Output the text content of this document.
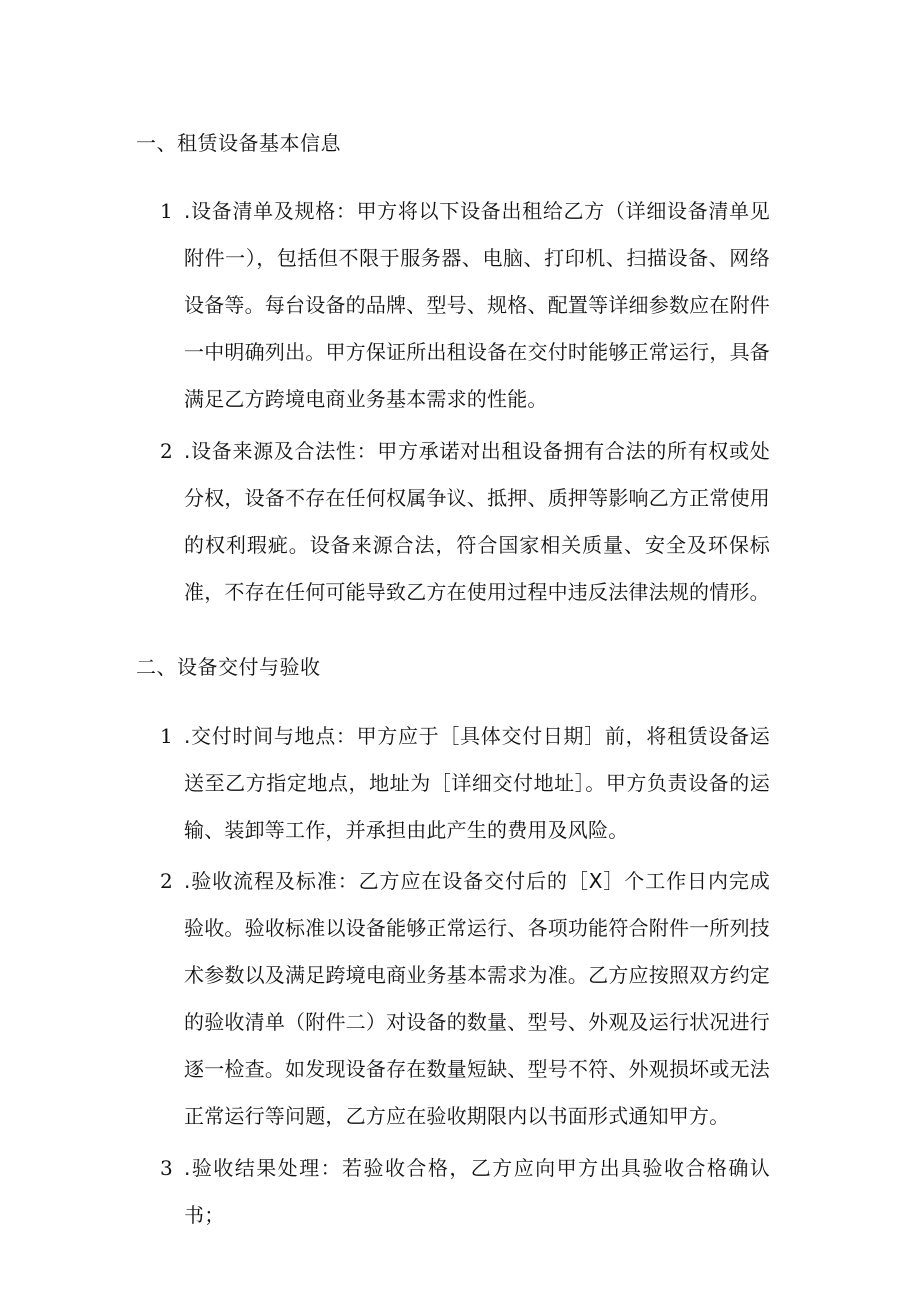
一、租赁设备基本信息
1 .设备清单及规格：甲方将以下设备出租给乙方（详细设备清单见附件一），包括但不限于服务器、电脑、打印机、扫描设备、网络设备等。每台设备的品牌、型号、规格、配置等详细参数应在附件一中明确列出。甲方保证所出租设备在交付时能够正常运行，具备满足乙方跨境电商业务基本需求的性能。
2 .设备来源及合法性：甲方承诺对出租设备拥有合法的所有权或处分权，设备不存在任何权属争议、抵押、质押等影响乙方正常使用的权利瑕疵。设备来源合法，符合国家相关质量、安全及环保标准，不存在任何可能导致乙方在使用过程中违反法律法规的情形。
二、设备交付与验收
1 .交付时间与地点：甲方应于［具体交付日期］前，将租赁设备运送至乙方指定地点，地址为［详细交付地址］。甲方负责设备的运输、装卸等工作，并承担由此产生的费用及风险。
2 .验收流程及标准：乙方应在设备交付后的［X］个工作日内完成验收。验收标准以设备能够正常运行、各项功能符合附件一所列技术参数以及满足跨境电商业务基本需求为准。乙方应按照双方约定的验收清单（附件二）对设备的数量、型号、外观及运行状况进行逐一检查。如发现设备存在数量短缺、型号不符、外观损坏或无法正常运行等问题，乙方应在验收期限内以书面形式通知甲方。
3 .验收结果处理：若验收合格，乙方应向甲方出具验收合格确认书；
